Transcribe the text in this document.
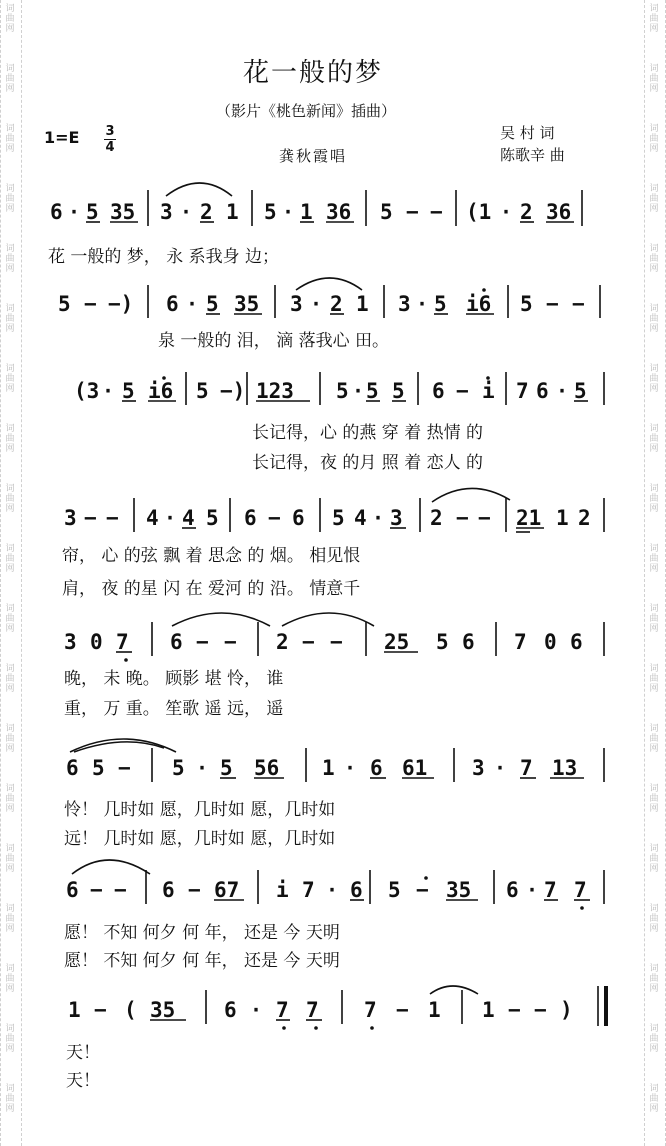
花一般的梦
（影片《桃色新闻》插曲）
1=E 3
4	龚秋霞唱
吴 村 词
陈歌辛 曲
花 一般的 梦， 永 系我身 边；
泉 一般的 泪， 滴 落我心 田。
长记得，心 的燕 穿 着 热情 的
长记得，夜 的月 照 着 恋人 的
帘， 心 的弦 飘 着 思念 的 烟。 相见恨
肩， 夜 的星 闪 在 爱河 的 沿。 情意千
晚， 未 晚。 顾影 堪 怜， 谁
重， 万 重。 笙歌 遥 远， 遥
怜！ 几时如 愿，几时如 愿，几时如
远！ 几时如 愿，几时如 愿，几时如
愿！ 不知 何夕 何 年， 还是 今 天明
愿！ 不知 何夕 何 年， 还是 今 天明
天！
天！
6 · 5 35 3 · 2 1 5 · 1 36 5 − − (1 · 2 36
5 − −) 6 · 5 35 3 · 2 1 3 · 5 i6 5 − −
(3 · 5 i6 5 −) 123 5 · 5 5 6 − i 7 6 · 5
3 − − 4 · 4 5 6 − 6 5 4 · 3 2 − − 21 1 2
3 0 7 6 − − 2 − − 25 5 6 7 0 6
6 5 − 5 · 5 56 1 · 6 61 3 · 7 13
6 − − 6 − 67 i 7 · 6 5 − 35 6 · 7 7
1 − ( 35 6 · 7 7 7 − 1 1 − − )
词
曲
网
词
曲
网
词
曲
网
词
曲
网
词
曲
网
词
曲
网
词
曲
网
词
曲
网
词
曲
网
词
曲
网
词
曲
网
词
曲
网
词
曲
网
词
曲
网
词
曲
网
词
曲
网
词
曲
网
词
曲
网
词
曲
网
词
曲
网
词
曲
网
词
曲
网
词
曲
网
词
曲
网
词
曲
网
词
曲
网
词
曲
网
词
曲
网
词
曲
网
词
曲
网
词
曲
网
词
曲
网
词
曲
网
词
曲
网
词
曲
网
词
曲
网
词
曲
网
词
曲
网
